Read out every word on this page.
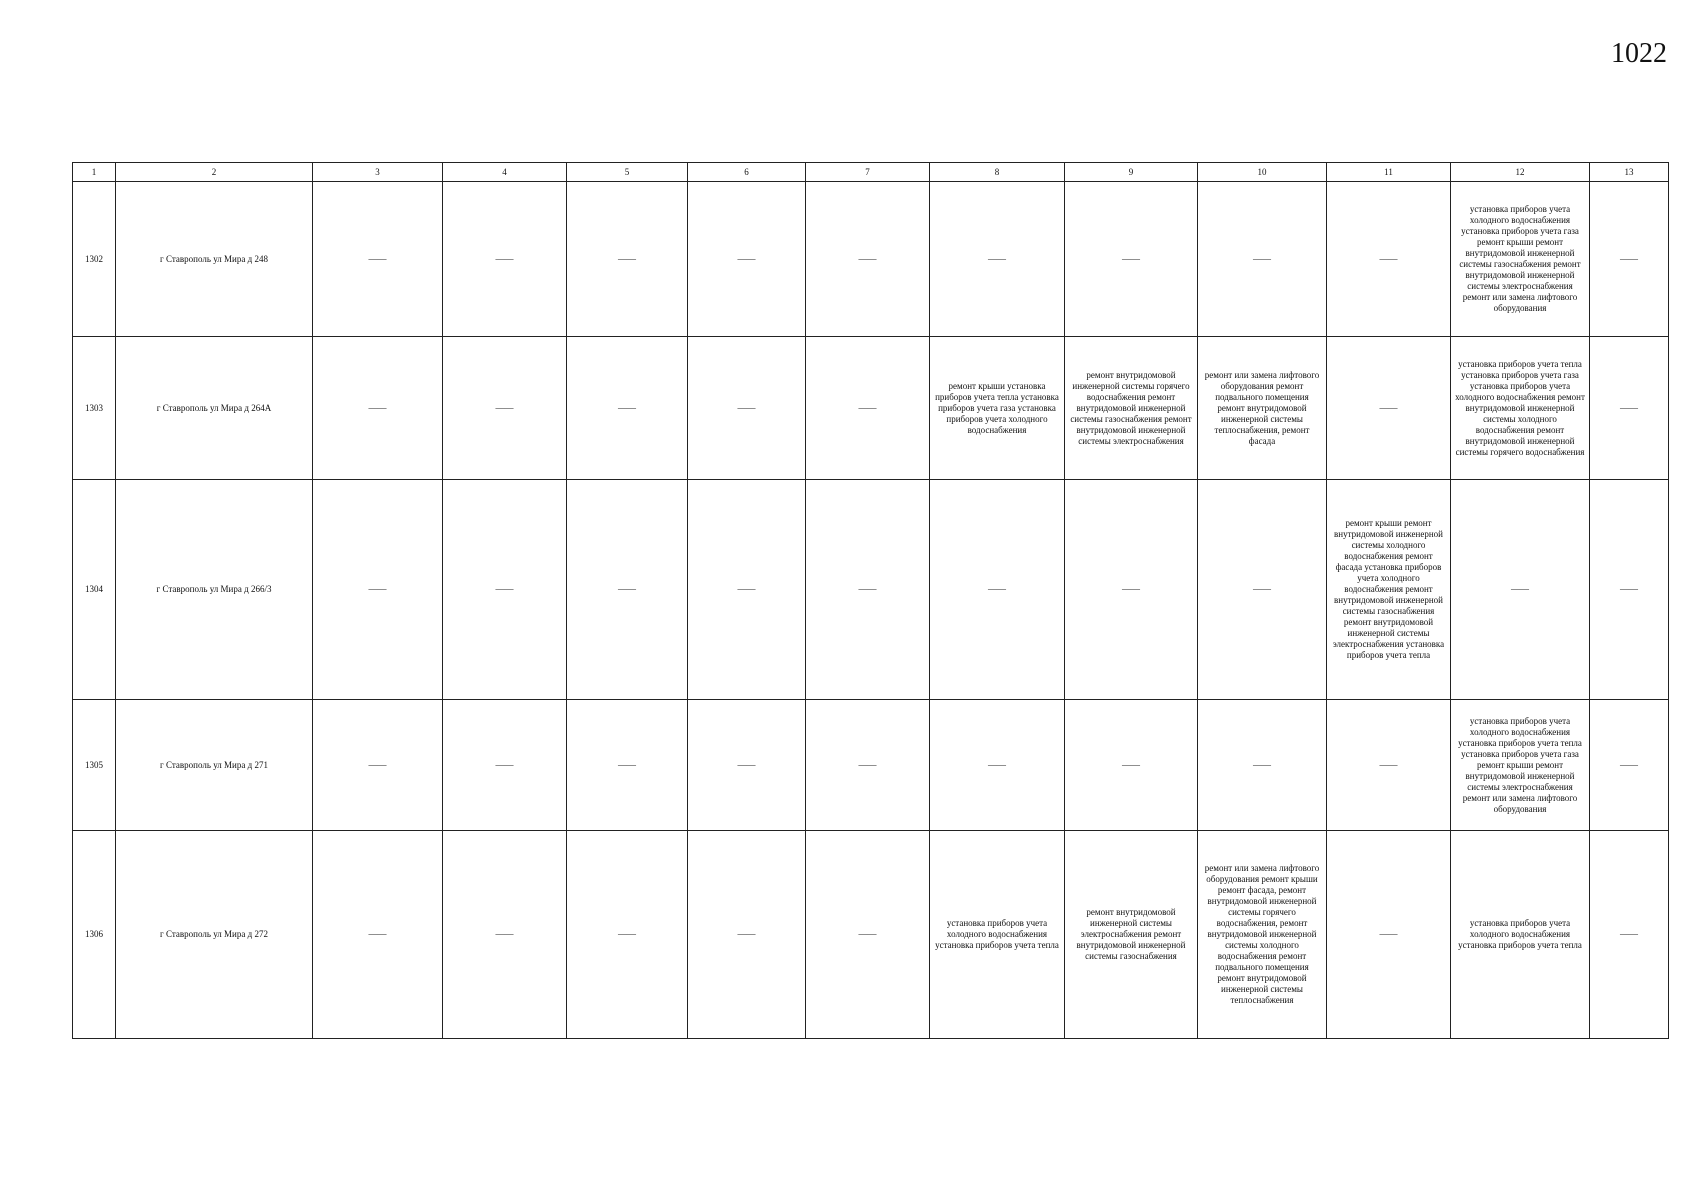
1022
1	2	3	4	5	6	7	8	9	10	11	12	13
1302	г Ставрополь ул Мира д 248	——	——	——	——	——	——	——	——	——	установка приборов учета холодного водоснабжения установка приборов учета газа ремонт крыши ремонт внутридомовой инженерной системы газоснабжения ремонт внутридомовой инженерной системы электроснабжения ремонт или замена лифтового оборудования	——
1303	г Ставрополь ул Мира д 264А	——	——	——	——	——	ремонт крыши установка приборов учета тепла установка приборов учета газа установка приборов учета холодного водоснабжения	ремонт внутридомовой инженерной системы горячего водоснабжения ремонт внутридомовой инженерной системы газоснабжения ремонт внутридомовой инженерной системы электроснабжения	ремонт или замена лифтового оборудования ремонт подвального помещения ремонт внутридомовой инженерной системы теплоснабжения, ремонт фасада	——	установка приборов учета тепла установка приборов учета газа установка приборов учета холодного водоснабжения ремонт внутридомовой инженерной системы холодного водоснабжения ремонт внутридомовой инженерной системы горячего водоснабжения	——
1304	г Ставрополь ул Мира д 266/3	——	——	——	——	——	——	——	——	ремонт крыши ремонт внутридомовой инженерной системы холодного водоснабжения ремонт фасада установка приборов учета холодного водоснабжения ремонт внутридомовой инженерной системы газоснабжения ремонт внутридомовой инженерной системы электроснабжения установка приборов учета тепла	——	——
1305	г Ставрополь ул Мира д 271	——	——	——	——	——	——	——	——	——	установка приборов учета холодного водоснабжения установка приборов учета тепла установка приборов учета газа ремонт крыши ремонт внутридомовой инженерной системы электроснабжения ремонт или замена лифтового оборудования	——
1306	г Ставрополь ул Мира д 272	——	——	——	——	——	установка приборов учета холодного водоснабжения установка приборов учета тепла	ремонт внутридомовой инженерной системы электроснабжения ремонт внутридомовой инженерной системы газоснабжения	ремонт или замена лифтового оборудования ремонт крыши ремонт фасада, ремонт внутридомовой инженерной системы горячего водоснабжения, ремонт внутридомовой инженерной системы холодного водоснабжения ремонт подвального помещения ремонт внутридомовой инженерной системы теплоснабжения	——	установка приборов учета холодного водоснабжения установка приборов учета тепла	——
